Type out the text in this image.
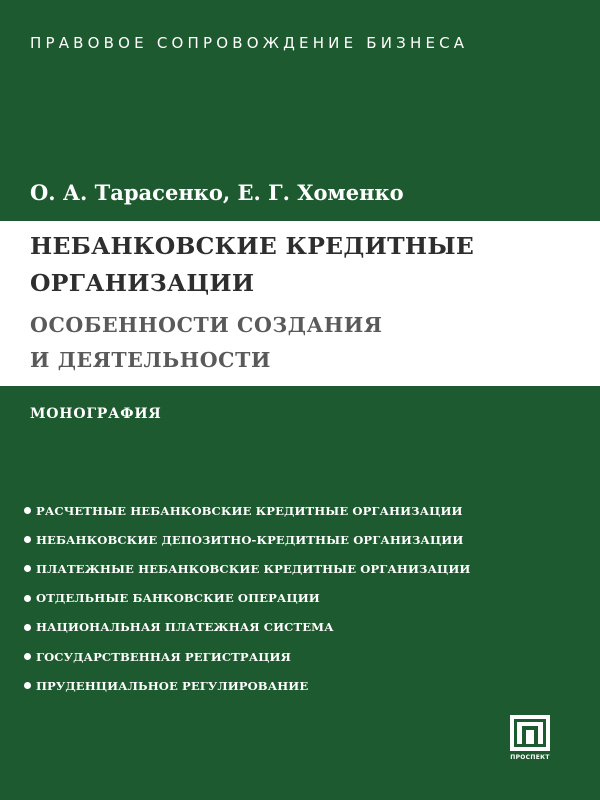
ПРАВОВОЕ СОПРОВОЖДЕНИЕ БИЗНЕСА
О. А. Тарасенко, Е. Г. Хоменко
НЕБАНКОВСКИЕ КРЕДИТНЫЕ
ОРГАНИЗАЦИИ
ОСОБЕННОСТИ СОЗДАНИЯ
И ДЕЯТЕЛЬНОСТИ
МОНОГРАФИЯ
РАСЧЕТНЫЕ НЕБАНКОВСКИЕ КРЕДИТНЫЕ ОРГАНИЗАЦИИ
НЕБАНКОВСКИЕ ДЕПОЗИТНО-КРЕДИТНЫЕ ОРГАНИЗАЦИИ
ПЛАТЕЖНЫЕ НЕБАНКОВСКИЕ КРЕДИТНЫЕ ОРГАНИЗАЦИИ
ОТДЕЛЬНЫЕ БАНКОВСКИЕ ОПЕРАЦИИ
НАЦИОНАЛЬНАЯ ПЛАТЕЖНАЯ СИСТЕМА
ГОСУДАРСТВЕННАЯ РЕГИСТРАЦИЯ
ПРУДЕНЦИАЛЬНОЕ РЕГУЛИРОВАНИЕ
ПРОСПЕКТ
